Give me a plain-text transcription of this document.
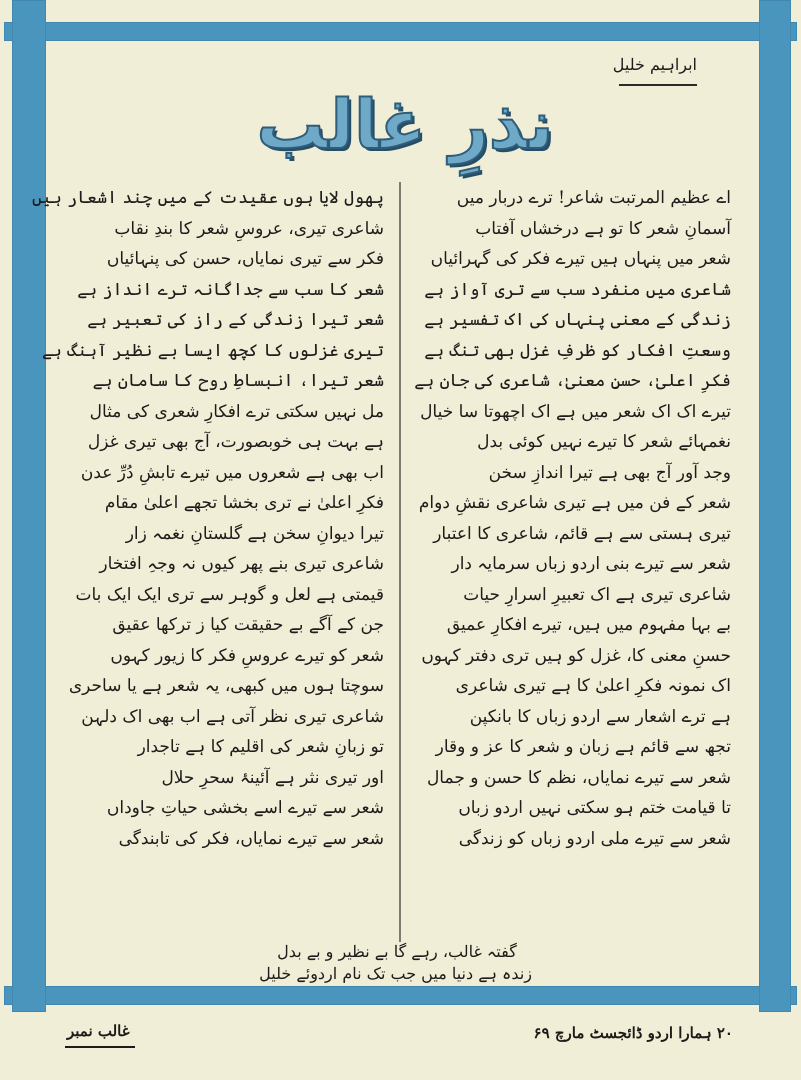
ابراہیم خلیل
نذرِ غالب
اے عظیم المرتبت شاعر! ترے دربار میں
آسمانِ شعر کا تو ہے درخشاں آفتاب
شعر میں پنہاں ہیں تیرے فکر کی گہرائیاں
شاعری میں منفرد سب سے تری آواز ہے
زندگی کے معنی پنہاں کی اک تفسیر ہے
وسعتِ افکار کو ظرفِ غزل بھی تنگ ہے
فکرِ اعلیٰ، حسنِ معنیٰ، شاعری کی جان ہے
تیرے اک اک شعر میں ہے اک اچھوتا سا خیال
نغمہائے شعر کا تیرے نہیں کوئی بدل
وجد آور آج بھی ہے تیرا اندازِ سخن
شعر کے فن میں ہے تیری شاعری نقشِ دوام
تیری ہستی سے ہے قائم، شاعری کا اعتبار
شعر سے تیرے بنی اردو زباں سرمایہ دار
شاعری تیری ہے اک تعبیرِ اسرارِ حیات
بے بہا مفہوم میں ہیں، تیرے افکارِ عمیق
حسنِ معنی کا، غزل کو ہیں تری دفتر کہوں
اک نمونہ فکرِ اعلیٰ کا ہے تیری شاعری
ہے ترے اشعار سے اردو زباں کا بانکپن
تجھ سے قائم ہے زبان و شعر کا عز و وقار
شعر سے تیرے نمایاں، نظم کا حسن و جمال
تا قیامت ختم ہو سکتی نہیں اردو زباں
شعر سے تیرے ملی اردو زباں کو زندگی
پھول لایا ہوں عقیدت کے میں چند اشعار ہیں
شاعری تیری، عروسِ شعر کا بندِ نقاب
فکر سے تیری نمایاں، حسن کی پنہائیاں
شعر کا سب سے جداگانہ ترے انداز ہے
شعر تیرا زندگی کے راز کی تعبیر ہے
تیری غزلوں کا کچھ ایسا بے نظیر آہنگ ہے
شعر تیرا، انبساطِ روح کا سامان ہے
مل نہیں سکتی ترے افکارِ شعری کی مثال
ہے بہت ہی خوبصورت، آج بھی تیری غزل
اب بھی ہے شعروں میں تیرے تابشِ دُرِّ عدن
فکرِ اعلیٰ نے تری بخشا تجھے اعلیٰ مقام
تیرا دیوانِ سخن ہے گلستانِ نغمہ زار
شاعری تیری بنے پھر کیوں نہ وجہِ افتخار
قیمتی ہے لعل و گوہر سے تری ایک ایک بات
جن کے آگے بے حقیقت کیا ز ترکھا عقیق
شعر کو تیرے عروسِ فکر کا زیور کہوں
سوچتا ہوں میں کبھی، یہ شعر ہے یا ساحری
شاعری تیری نظر آتی ہے اب بھی اک دلہن
تو زبانِ شعر کی اقلیم کا ہے تاجدار
اور تیری نثر ہے آئینۂ سحرِ حلال
شعر سے تیرے اسے بخشی حیاتِ جاوداں
شعر سے تیرے نمایاں، فکر کی تابندگی
گفتہ غالب، رہے گا بے نظیر و بے بدل
زندہ ہے دنیا میں جب تک نام اردوئے خلیل
غالب نمبر	۲۰ ہمارا اردو ڈائجسٹ مارچ ۶۹
